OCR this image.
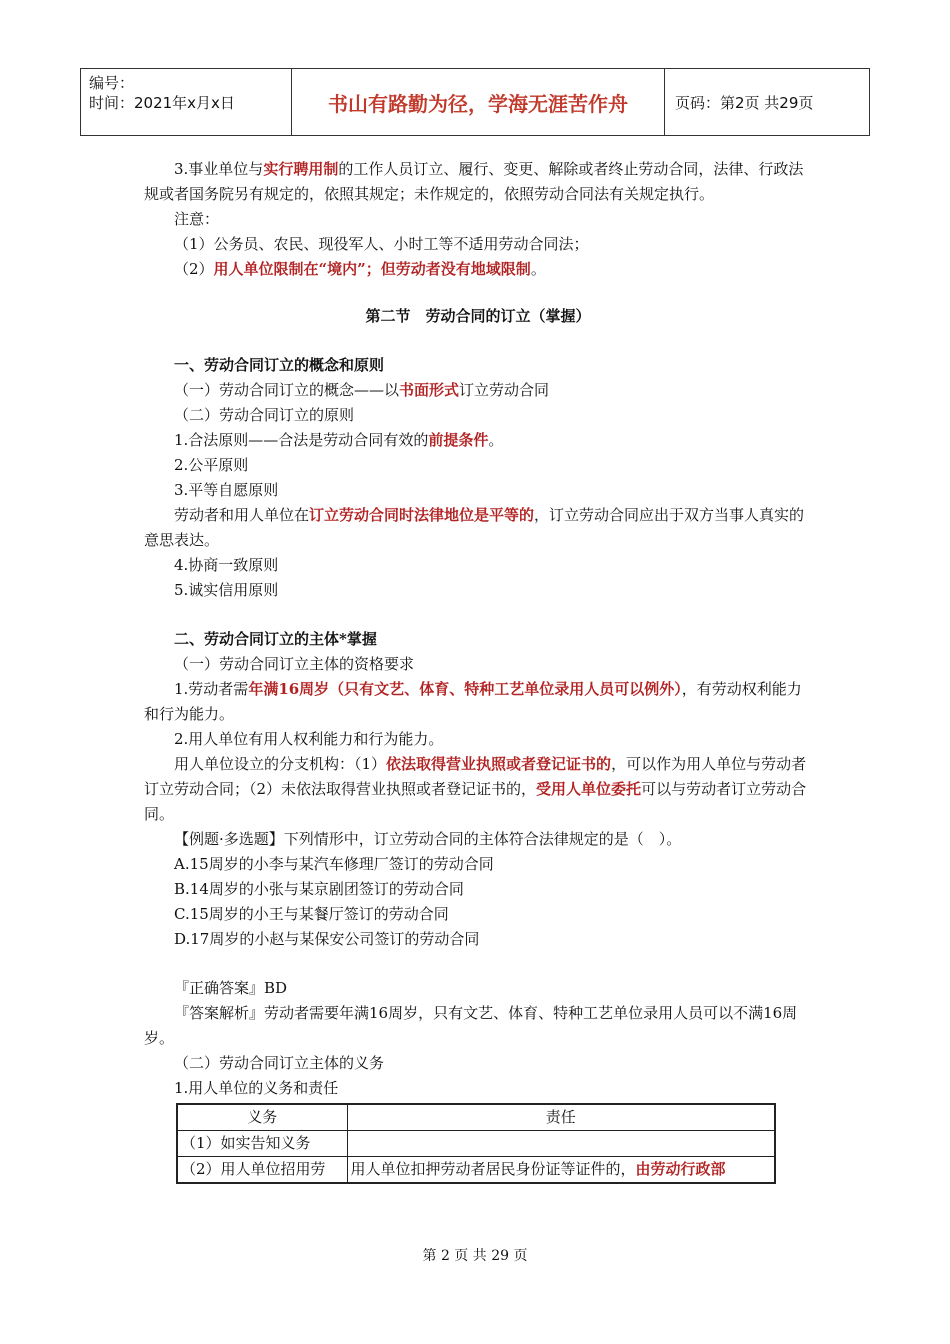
编号：
时间：2021年x月x日	书山有路勤为径，学海无涯苦作舟	页码：第2页 共29页

3.事业单位与实行聘用制的工作人员订立、履行、变更、解除或者终止劳动合同，法律、行政法规或者国务院另有规定的，依照其规定；未作规定的，依照劳动合同法有关规定执行。

注意：

（1）公务员、农民、现役军人、小时工等不适用劳动合同法；

（2）用人单位限制在“境内”；但劳动者没有地域限制。

第二节　劳动合同的订立（掌握）

一、劳动合同订立的概念和原则

（一）劳动合同订立的概念——以书面形式订立劳动合同

（二）劳动合同订立的原则

1.合法原则——合法是劳动合同有效的前提条件。

2.公平原则

3.平等自愿原则

劳动者和用人单位在订立劳动合同时法律地位是平等的，订立劳动合同应出于双方当事人真实的意思表达。

4.协商一致原则

5.诚实信用原则

二、劳动合同订立的主体*掌握

（一）劳动合同订立主体的资格要求

1.劳动者需年满16周岁（只有文艺、体育、特种工艺单位录用人员可以例外），有劳动权利能力和行为能力。

2.用人单位有用人权利能力和行为能力。

用人单位设立的分支机构：（1）依法取得营业执照或者登记证书的，可以作为用人单位与劳动者订立劳动合同；（2）未依法取得营业执照或者登记证书的，受用人单位委托可以与劳动者订立劳动合同。

【例题·多选题】下列情形中，订立劳动合同的主体符合法律规定的是（　）。

A.15周岁的小李与某汽车修理厂签订的劳动合同

B.14周岁的小张与某京剧团签订的劳动合同

C.15周岁的小王与某餐厅签订的劳动合同

D.17周岁的小赵与某保安公司签订的劳动合同

『正确答案』BD

『答案解析』劳动者需要年满16周岁，只有文艺、体育、特种工艺单位录用人员可以不满16周岁。

（二）劳动合同订立主体的义务

1.用人单位的义务和责任

义务	责任
（1）如实告知义务	
（2）用人单位招用劳	用人单位扣押劳动者居民身份证等证件的，由劳动行政部
第 2 页 共 29 页
